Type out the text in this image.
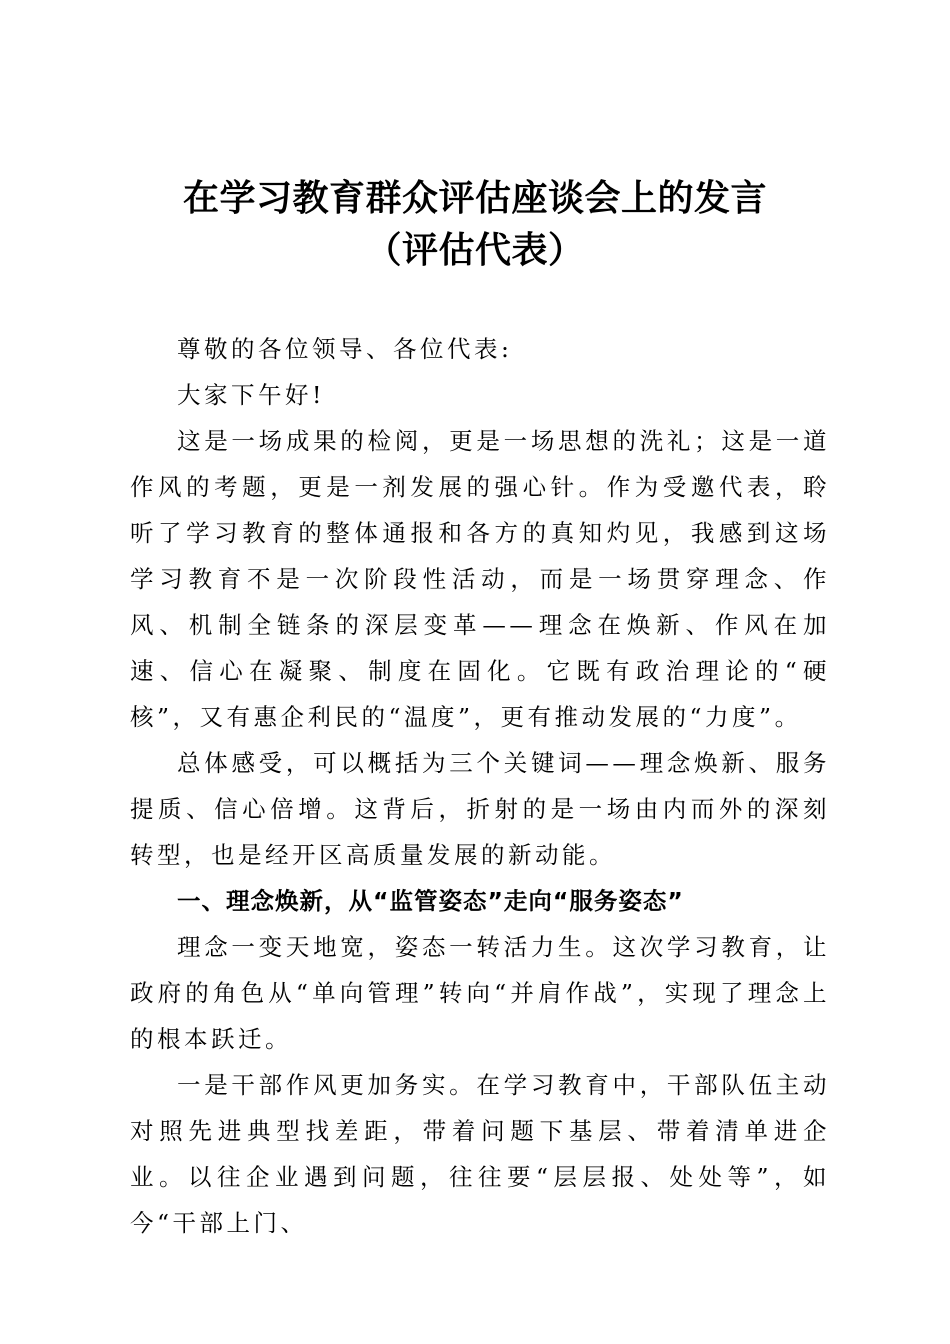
在学习教育群众评估座谈会上的发言
（评估代表）

尊敬的各位领导、各位代表:

大家下午好!

这是一场成果的检阅，更是一场思想的洗礼；这是一道作风的考题，更是一剂发展的强心针。作为受邀代表，聆听了学习教育的整体通报和各方的真知灼见，我感到这场学习教育不是一次阶段性活动，而是一场贯穿理念、作风、机制全链条的深层变革——理念在焕新、作风在加速、信心在凝聚、制度在固化。它既有政治理论的“硬核”，又有惠企利民的“温度”，更有推动发展的“力度”。

总体感受，可以概括为三个关键词——理念焕新、服务提质、信心倍增。这背后，折射的是一场由内而外的深刻转型，也是经开区高质量发展的新动能。

一、理念焕新，从“监管姿态”走向“服务姿态”

理念一变天地宽，姿态一转活力生。这次学习教育，让政府的角色从“单向管理”转向“并肩作战”，实现了理念上的根本跃迁。

一是干部作风更加务实。在学习教育中，干部队伍主动对照先进典型找差距，带着问题下基层、带着清单进企业。以往企业遇到问题，往往要“层层报、处处等”，如今“干部上门、
